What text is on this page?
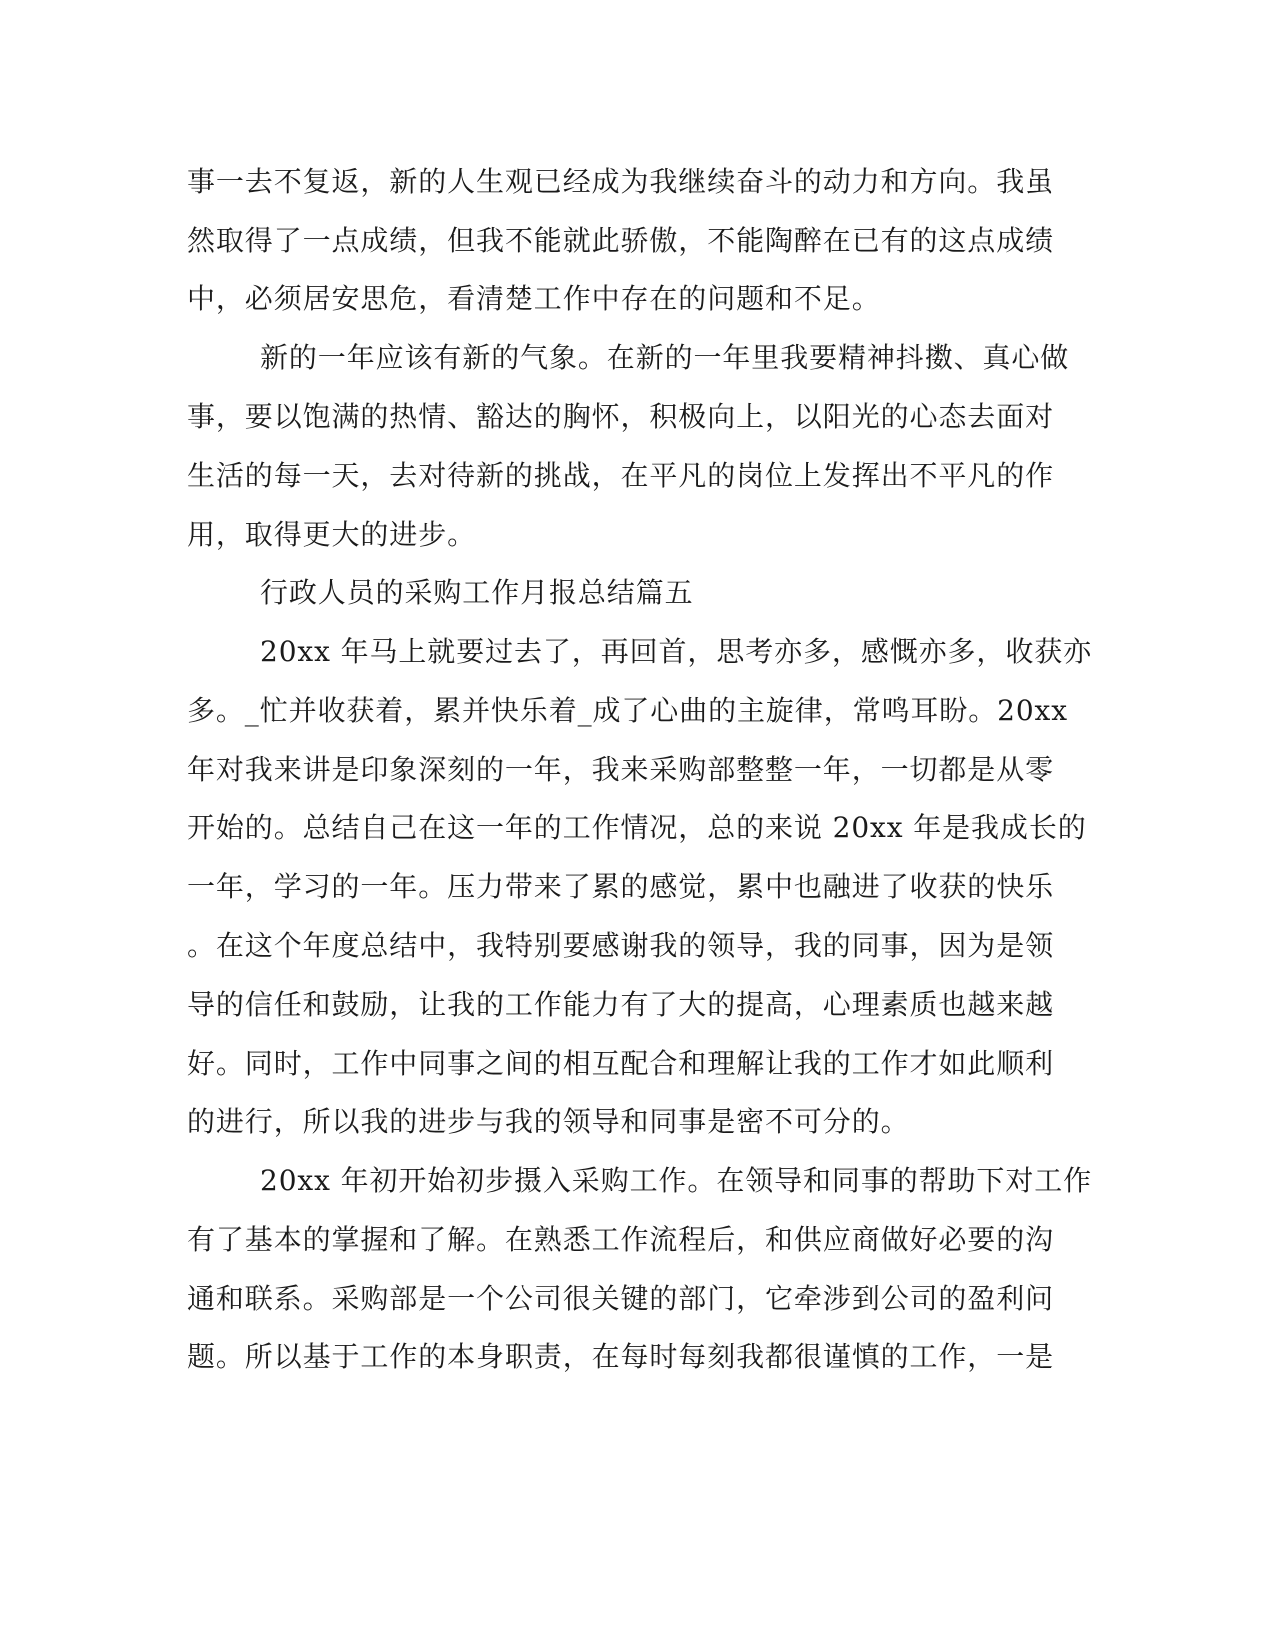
事一去不复返，新的人生观已经成为我继续奋斗的动力和方向。我虽
然取得了一点成绩，但我不能就此骄傲，不能陶醉在已有的这点成绩
中，必须居安思危，看清楚工作中存在的问题和不足。
新的一年应该有新的气象。在新的一年里我要精神抖擞、真心做
事，要以饱满的热情、豁达的胸怀，积极向上，以阳光的心态去面对
生活的每一天，去对待新的挑战，在平凡的岗位上发挥出不平凡的作
用，取得更大的进步。
行政人员的采购工作月报总结篇五
20xx 年马上就要过去了，再回首，思考亦多，感慨亦多，收获亦
多。_忙并收获着，累并快乐着_成了心曲的主旋律，常鸣耳盼。20xx
年对我来讲是印象深刻的一年，我来采购部整整一年，一切都是从零
开始的。总结自己在这一年的工作情况，总的来说 20xx 年是我成长的
一年，学习的一年。压力带来了累的感觉，累中也融进了收获的快乐
。在这个年度总结中，我特别要感谢我的领导，我的同事，因为是领
导的信任和鼓励，让我的工作能力有了大的提高，心理素质也越来越
好。同时，工作中同事之间的相互配合和理解让我的工作才如此顺利
的进行，所以我的进步与我的领导和同事是密不可分的。
20xx 年初开始初步摄入采购工作。在领导和同事的帮助下对工作
有了基本的掌握和了解。在熟悉工作流程后，和供应商做好必要的沟
通和联系。采购部是一个公司很关键的部门，它牵涉到公司的盈利问
题。所以基于工作的本身职责，在每时每刻我都很谨慎的工作，一是
